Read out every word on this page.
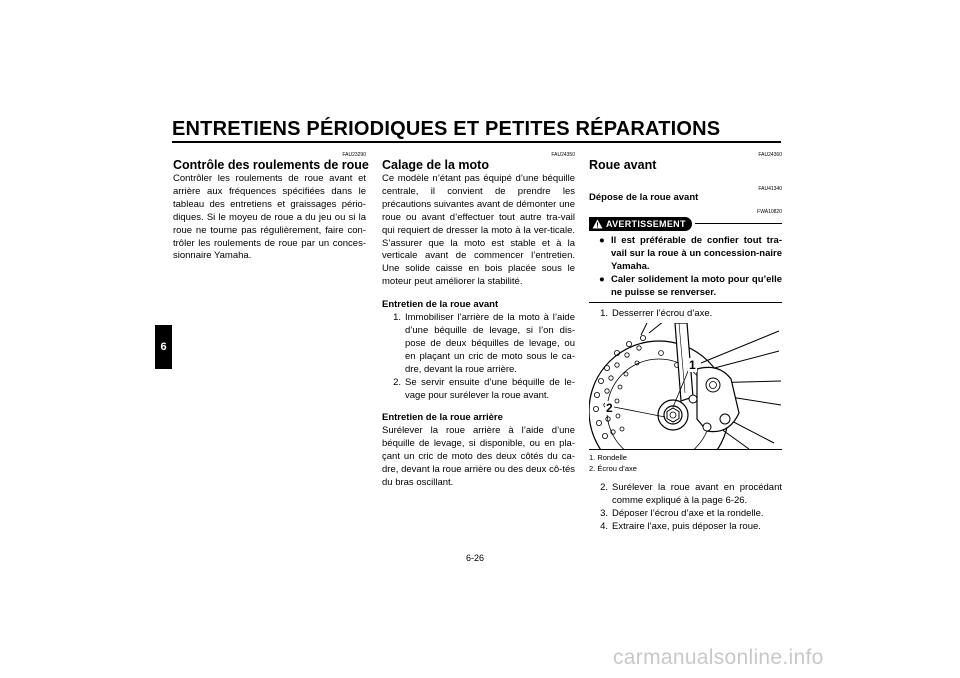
ENTRETIENS PÉRIODIQUES ET PETITES RÉPARATIONS
6
FAU23290
Contrôle des roulements de roue

Contrôler les roulements de roue avant et arrière aux fréquences spécifiées dans le tableau des entretiens et graissages pério-diques. Si le moyeu de roue a du jeu ou si la roue ne tourne pas régulièrement, faire con-trôler les roulements de roue par un conces-sionnaire Yamaha.

FAU24350
Calage de la moto

Ce modèle n’étant pas équipé d’une béquille centrale, il convient de prendre les précautions suivantes avant de démonter une roue ou avant d’effectuer tout autre tra-vail qui requiert de dresser la moto à la ver-ticale. S’assurer que la moto est stable et à la verticale avant de commencer l’entretien. Une solide caisse en bois placée sous le moteur peut améliorer la stabilité.

Entretien de la roue avant
1. Immobiliser l’arrière de la moto à l’aide d’une béquille de levage, si l’on dis-pose de deux béquilles de levage, ou en plaçant un cric de moto sous le ca-dre, devant la roue arrière.
2. Se servir ensuite d’une béquille de le-vage pour surélever la roue avant.
Entretien de la roue arrière

Surélever la roue arrière à l’aide d’une béquille de levage, si disponible, ou en pla-çant un cric de moto des deux côtés du ca-dre, devant la roue arrière ou des deux cô-tés du bras oscillant.

FAU24360
Roue avant
FAU41340
Dépose de la roue avant
FWA10820
AVERTISSEMENT
● Il est préférable de confier tout tra-vail sur la roue à un concession-naire Yamaha.
● Caler solidement la moto pour qu’elle ne puisse se renverser.
1. Desserrer l’écrou d’axe.
1
2
1. Rondelle
2. Écrou d’axe
2. Surélever la roue avant en procédant comme expliqué à la page 6-26.
3. Déposer l’écrou d’axe et la rondelle.
4. Extraire l’axe, puis déposer la roue.
6-26
carmanualsonline.info
